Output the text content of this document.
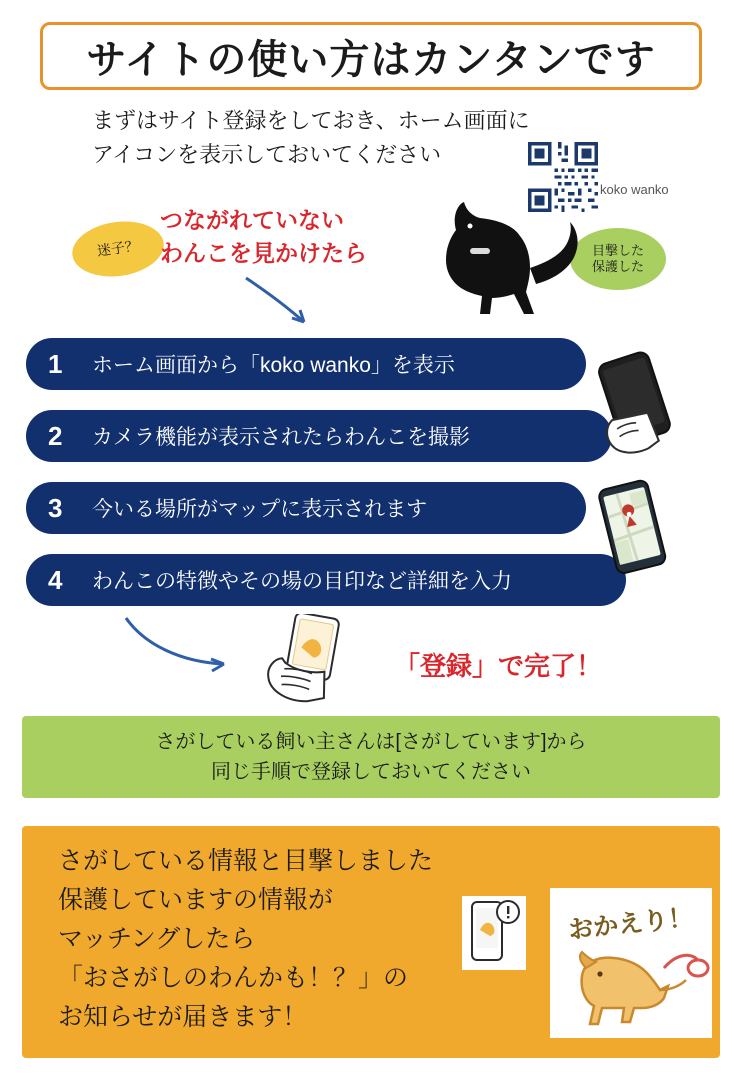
サイトの使い方はカンタンです
まずはサイト登録をしておき、ホーム画面に
アイコンを表示しておいてください
koko wanko
迷子？	目撃した
保護した
つながれていない
わんこを見かけたら
1	ホーム画面から「koko wanko」を表示
2	カメラ機能が表示されたらわんこを撮影
3	今いる場所がマップに表示されます
4	わんこの特徴やその場の目印など詳細を入力
「登録」で完了！
さがしている飼い主さんは[さがしています]から
同じ手順で登録しておいてください
さがしている情報と目撃しました
保護していますの情報が
マッチングしたら
「おさがしのわんかも！？」の
お知らせが届きます！
おかえり！
